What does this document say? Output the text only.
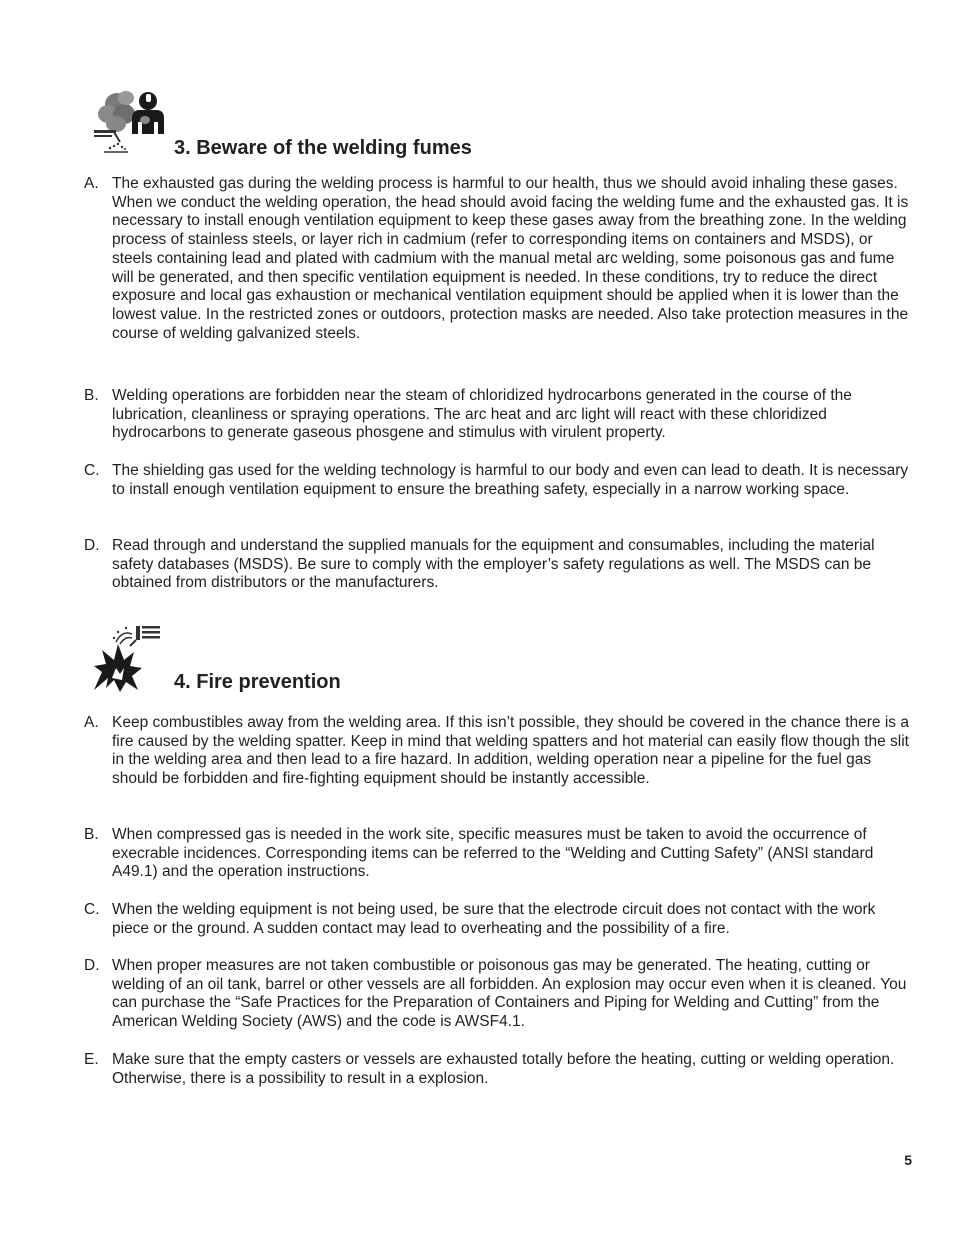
3. Beware of the welding fumes
A. The exhausted gas during the welding process is harmful to our health, thus we should avoid inhaling these gases. When we conduct the welding operation, the head should avoid facing the welding fume and the exhausted gas. It is necessary to install enough ventilation equipment to keep these gases away from the breathing zone. In the welding process of stainless steels, or layer rich in cadmium (refer to corresponding items on containers and MSDS), or steels containing lead and plated with cadmium with the manual metal arc welding, some poisonous gas and fume will be generated, and then specific ventilation equipment is needed. In these conditions, try to reduce the direct exposure and local gas exhaustion or mechanical ventilation equipment should be applied when it is lower than the lowest value. In the restricted zones or outdoors, protection masks are needed. Also take protection measures in the course of welding galvanized steels.
B. Welding operations are forbidden near the steam of chloridized hydrocarbons generated in the course of the lubrication, cleanliness or spraying operations. The arc heat and arc light will react with these chloridized hydrocarbons to generate gaseous phosgene and stimulus with virulent property.
C. The shielding gas used for the welding technology is harmful to our body and even can lead to death. It is necessary to install enough ventilation equipment to ensure the breathing safety, especially in a narrow working space.
D. Read through and understand the supplied manuals for the equipment and consumables, including the material safety databases (MSDS). Be sure to comply with the employer’s safety regulations as well. The MSDS can be obtained from distributors or the manufacturers.
4. Fire prevention
A. Keep combustibles away from the welding area. If this isn’t possible, they should be covered in the chance there is a fire caused by the welding spatter. Keep in mind that welding spatters and hot material can easily flow though the slit in the welding area and then lead to a fire hazard. In addition, welding operation near a pipeline for the fuel gas should be forbidden and fire-fighting equipment should be instantly accessible.
B. When compressed gas is needed in the work site, specific measures must be taken to avoid the occurrence of execrable incidences. Corresponding items can be referred to the “Welding and Cutting Safety” (ANSI standard A49.1) and the operation instructions.
C. When the welding equipment is not being used, be sure that the electrode circuit does not contact with the work piece or the ground. A sudden contact may lead to overheating and the possibility of a fire.
D. When proper measures are not taken combustible or poisonous gas may be generated. The heating, cutting or welding of an oil tank, barrel or other vessels are all forbidden. An explosion may occur even when it is cleaned. You can purchase the “Safe Practices for the Preparation of Containers and Piping for Welding and Cutting” from the American Welding Society (AWS) and the code is AWSF4.1.
E. Make sure that the empty casters or vessels are exhausted totally before the heating, cutting or welding operation. Otherwise, there is a possibility to result in a explosion.
5
